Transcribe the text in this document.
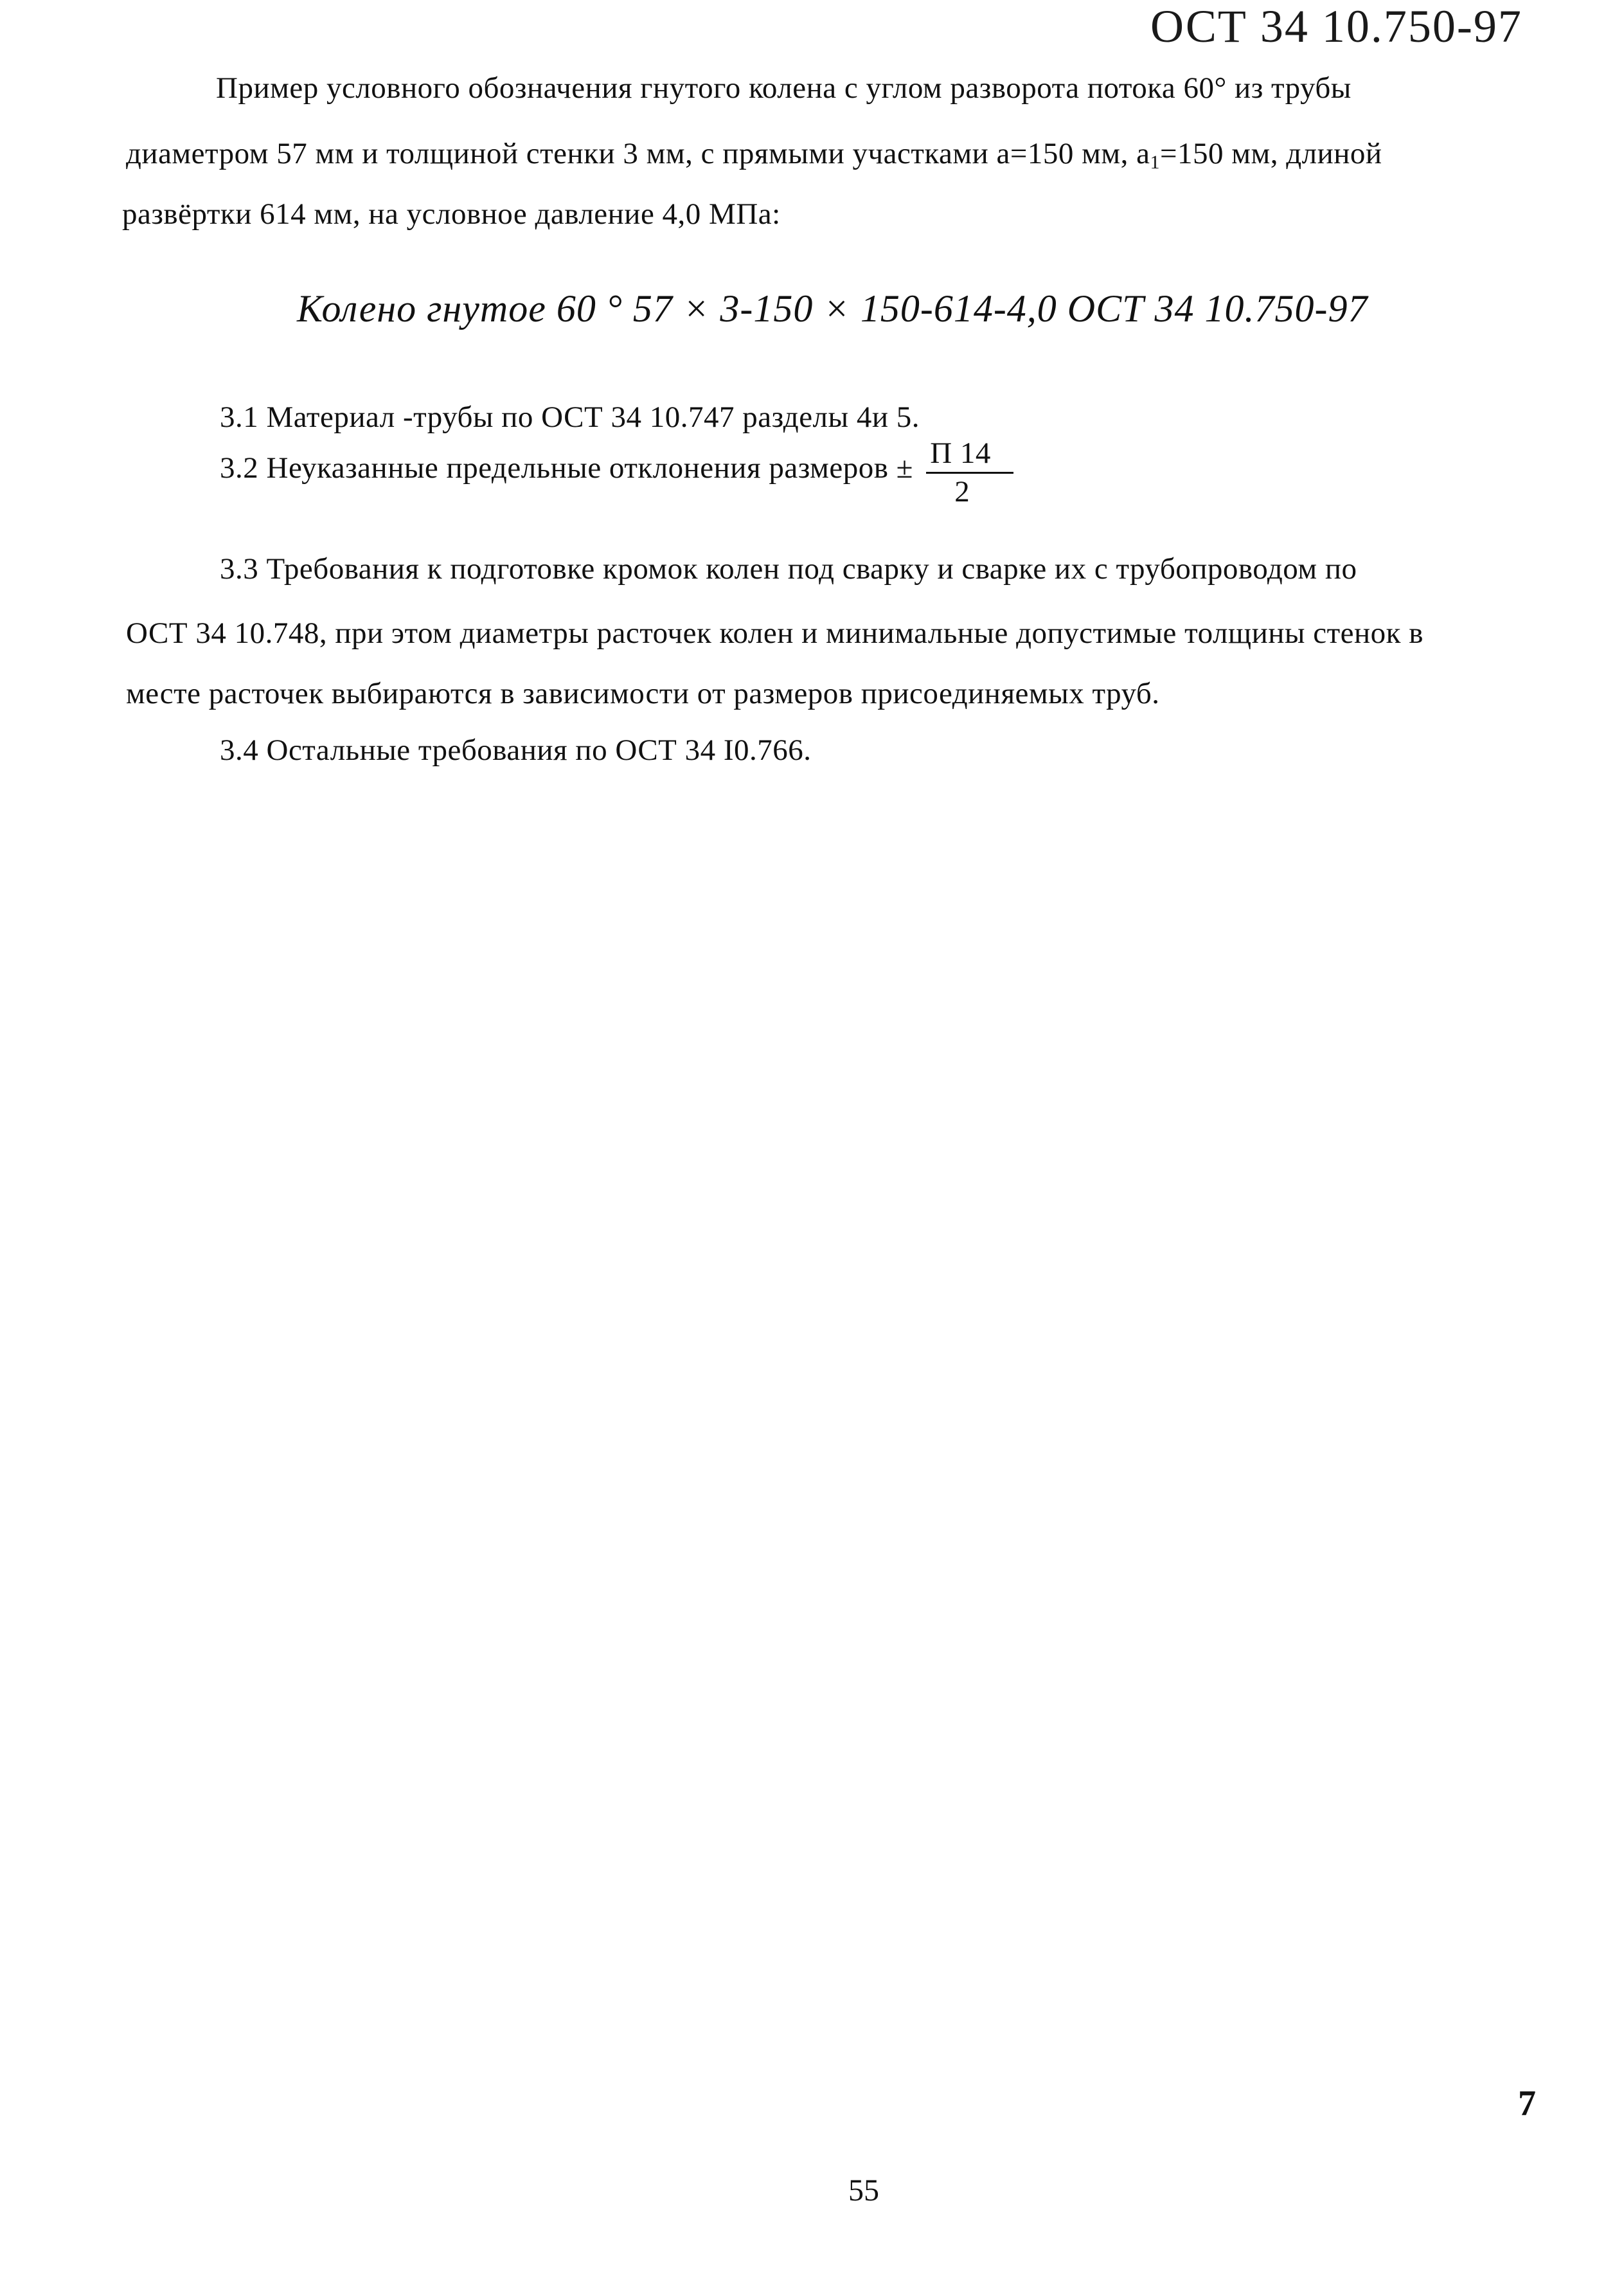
ОСТ 34 10.750-97
Пример условного обозначения гнутого колена с углом разворота потока 60° из трубы
диаметром 57 мм и толщиной стенки 3 мм, с прямыми участками а=150 мм, $а_1=150$ мм, длиной
развёртки 614 мм, на условное давление 4,0 МПа:
Колено гнутое 60 ° 57 × 3-150 × 150-614-4,0 ОСТ 34 10.750-97
3.1 Материал -трубы по ОСТ 34 10.747 разделы 4и 5.
3.2 Неуказанные предельные отклонения размеров ± $\frac{П 14}{2}$
3.3 Требования к подготовке кромок колен под сварку и сварке их с трубопроводом по
ОСТ 34 10.748, при этом диаметры расточек колен и минимальные допустимые толщины стенок в
месте расточек выбираются в зависимости от размеров присоединяемых труб.
3.4 Остальные требования по ОСТ 34 I0.766.
7
55
